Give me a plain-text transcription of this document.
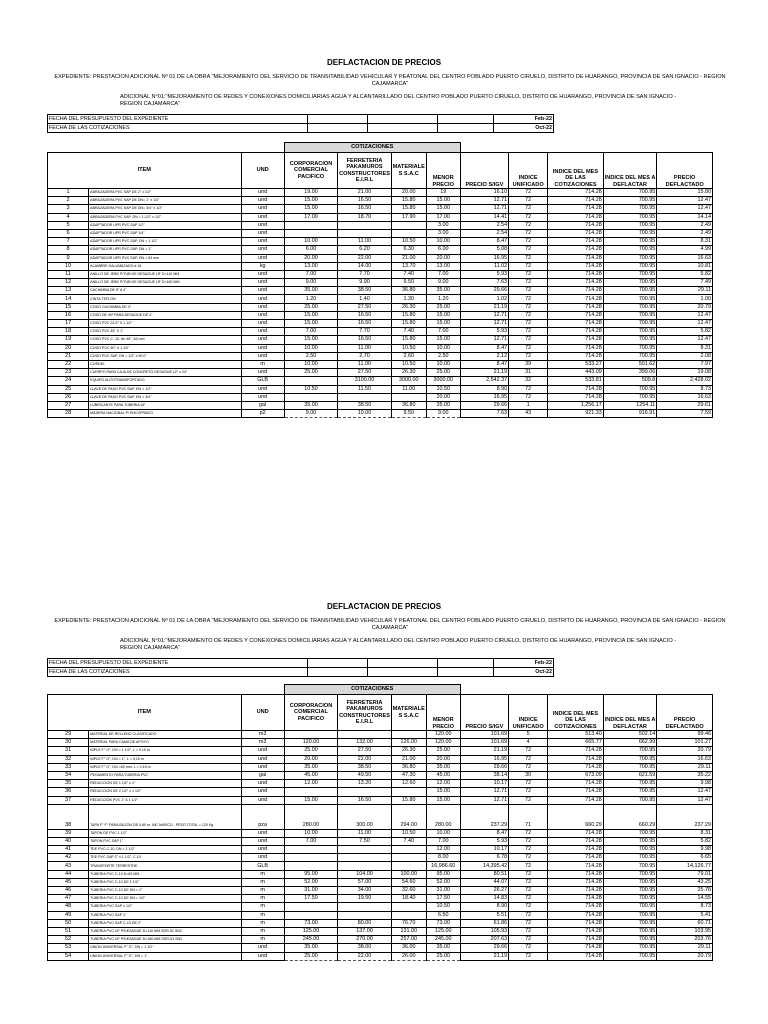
DEFLACTACION DE PRECIOS
EXPEDIENTE: PRESTACION ADICIONAL Nº 01 DE LA OBRA "MEJORAMIENTO DEL SERVICIO DE TRANSITABILIDAD VEHICULAR Y PEATONAL DEL CENTRO POBLADO PUERTO CIRUELO, DISTRITO DE HUARANGO, PROVINCIA DE SAN IGNACIO - REGION CAJAMARCA"
ADICIONAL N°01:"MEJORAMIENTO DE REDES Y CONEXIONES DOMICILIARIAS AGUA Y ALCANTARILLADO DEL CENTRO POBLADO PUERTO CIRUELO, DISTRITO DE HUARANGO, PROVINCIA DE SAN IGNACIO - REGION CAJAMARCA"
FECHA DEL PRESUPUESTO DEL EXPEDIENTE				Feb-22
FECHA DE LAS COTIZACIONES				Oct-22
			COTIZACIONES								
ITEM		UND	CORPORACION COMERCIAL PACIFICO	FERRETERIA PAKAMUROS CONSTRUCTORES E.I.R.L	MATERIALE S S.A.C	MENOR PRECIO	PRECIO S/IGV	INDICE UNIFICADO	INDICE DEL MES DE LAS COTIZACIONES	INDICE DEL MES A DEFLACTAR	PRECIO DEFLACTADO
1	ABRAZADERA PVC SAP DE 2" x 1/2"	und	19.00	21.00	20.00	19	16.10	72	714.28	700.95	15.80
2	ABRAZADERA PVC SAP DE DN= 1" x 1/2"	und	15.00	16.50	15.80	15.00	12.71	72	714.28	700.95	12.47
3	ABRAZADERA PVC SAP DE DN= 3/4" x 1/2"	und	15.00	16.50	15.80	15.00	12.71	72	714.28	700.95	12.47
4	ABRAZADERA PVC SAP, DN = 1-1/2" x 1/2"	und	17.00	18.70	17.90	17.00	14.41	72	714.28	700.95	14.14
5	ADAPTADOR UPR PVC SAP 1/2"	und				3.00	2.54	72	714.28	700.95	2.49
6	ADAPTADOR UPR PVC SAP 3/4"	und				3.00	2.54	72	714.28	700.95	2.49
7	ADAPTADOR UPR PVC SAP, DN = 1 1/2"	und	10.00	11.00	10.50	10.00	8.47	72	714.28	700.95	8.31
8	ADAPTADOR UPR PVC SAP, DN = 1"	und	6.00	6.20	6.30	6.00	5.08	72	714.28	700.95	4.99
9	ADAPTADOR UPR PVC SAP, DN = 63 mm	und	20.00	22.00	21.00	20.00	16.95	72	714.28	700.95	16.63
10	ALAMBRE GALVANIZADO # 16	kg	13.00	14.00	13.70	13.00	11.02	72	714.28	700.95	10.81
11	ANILLO DE JEBE P/TUB DE DESAGUE UF D=110 MM	und	7.00	7.70	7.40	7.00	5.93	72	714.28	700.95	5.82
12	ANILLO DE JEBE P/TUB DE DESAGUE UF D=160 MM	und	9.00	9.90	9.50	9.00	7.63	72	714.28	700.95	7.49
13	CACHIMBA DE 8" A 4"	und	35.00	38.50	36.80	35.00	29.66	72	714.28	700.95	29.11
14	CINTA TEFLON	und	1.20	1.40	1.30	1.20	1.02	72	714.28	700.95	1.00
15	CODO CACHIMBA DE 4"	und	25.00	27.50	26.30	25.00	21.19	72	714.28	700.95	20.79
16	CODO DE 90º PARA DESAGUE DE 4"	und	15.00	16.50	15.80	15.00	12.71	72	714.28	700.95	12.47
17	CODO PVC 22.5° X 1 1/2"	und	15.00	16.50	15.80	15.00	12.71	72	714.28	700.95	12.47
18	CODO PVC 45° X 1"	und	7.00	7.70	7.40	7.00	5.93	72	714.28	700.95	5.82
19	CODO PVC C -10, de 45°, 63 mm	und	15.00	16.50	15.80	15.00	12.71	72	714.28	700.95	12.47
20	CODO PVC 90° X 1 1/2"	und	10.00	11.00	10.50	10.00	8.47	72	714.28	700.95	8.31
21	CODO PVC SAP, DN = 1/2" x 90.0°	und	2.50	2.70	2.60	2.50	2.12	72	714.28	700.95	2.08
22	CORDEL	m	10.00	11.00	10.50	10.00	8.47	39	533.27	501.62	7.97
23	CUERPO PARA CAJA DE CONCRETO DESAGUE 12" x 24"	und	25.00	27.50	26.30	25.00	21.19	31	443.09	399.06	19.08
24	EQUIPO AUTOTRANSPORTADO	GLB		3100.00	3000.00	3000.00	2,542.37	32	533.81	509.8	2,428.02
25	LLAVE DE PASO PVC SAP, DN = 1/2"	und	10.50	11.50	11.00	10.50	8.90	72	714.28	700.95	8.73
26	LLAVE DE PASO PVC SAP, DN = 3/4"	und				20.00	16.95	72	714.28	700.95	16.63
27	LUBRICANTE PARA TUBERIA UF	gal	35.00	38.50	36.80	35.00	29.66	1	1,256.17	1254.11	29.61
28	MADERA NACIONAL P/ ENCOFRADO	p2	9.00	10.00	9.50	9.00	7.63	43	921.33	916.91	7.59
DEFLACTACION DE PRECIOS
EXPEDIENTE: PRESTACION ADICIONAL Nº 01 DE LA OBRA "MEJORAMIENTO DEL SERVICIO DE TRANSITABILIDAD VEHICULAR Y PEATONAL DEL CENTRO POBLADO PUERTO CIRUELO, DISTRITO DE HUARANGO, PROVINCIA DE SAN IGNACIO - REGION CAJAMARCA"
ADICIONAL N°01:"MEJORAMIENTO DE REDES Y CONEXIONES DOMICILIARIAS AGUA Y ALCANTARILLADO DEL CENTRO POBLADO PUERTO CIRUELO, DISTRITO DE HUARANGO, PROVINCIA DE SAN IGNACIO - REGION CAJAMARCA"
FECHA DEL PRESUPUESTO DEL EXPEDIENTE				Feb-22
FECHA DE LAS COTIZACIONES				Oct-22
			COTIZACIONES								
ITEM		UND	CORPORACION COMERCIAL PACIFICO	FERRETERIA PAKAMUROS CONSTRUCTORES E.I.R.L	MATERIALE S S.A.C	MENOR PRECIO	PRECIO S/IGV	INDICE UNIFICADO	INDICE DEL MES DE LAS COTIZACIONES	INDICE DEL MES A DEFLACTAR	PRECIO DEFLACTADO
29	MATERIAL DE RELLENO CLASIFICADO	m3				120.00	101.69	5	513.40	502.14	99.46
30	MATERIAL PARA CAMA DE APOYO	m3	120.00	132.00	126.00	120.00	101.69	4	665.77	662.99	101.27
31	NIPLE F° G°, DN = 1 1/2", L = 0.15 m	und	25.00	27.50	26.30	25.00	21.19	72	714.28	700.95	20.79
32	NIPLE F° G°, DN = 1", L = 0.15 m	und	20.00	22.00	21.00	20.00	16.95	72	714.28	700.95	16.63
33	NIPLE F° G°, DN =63 mm, L = 0.15 m	und	35.00	38.50	36.80	35.00	29.66	72	714.28	700.95	29.11
34	PEGAMENTO PARA TUBERIA PVC	gal	45.00	49.50	47.30	45.00	38.14	30	673.09	621.59	35.22
35	REDUCCION DE 1 1/2" x 1"	und	12.00	13.20	12.60	12.00	10.17	72	714.28	700.95	9.98
36	REDUCCION DE 2 1/2" x 1 1/2"	und				15.00	12.71	72	714.28	700.95	12.47
37	REDUCCION PVC 2" A 1 1/2"	und	15.00	16.50	15.80	15.00	12.71	72	714.28	700.95	12.47
38	TAPA F° F° PARA BUZON DE 0.60 m. INC MARCO - PESO TOTAL = 120 Kg	pza	280.00	300.00	294.00	280.00	237.29	71	660.29	660.29	237.29
39	TAPON DE PVC 1 1/2"	und	10.00	11.00	10.50	10.00	8.47	72	714.28	700.95	8.31
40	TAPON PVC SAP 1"	und	7.00	7.50	7.40	7.00	5.93	72	714.28	700.95	5.82
41	TEE PVC C-10, DN = 1 1/2"	und				12.00	10.17	72	714.28	700.95	9.98
42	TEE PVC SAP 2" x 1 1/2", C-10	und				8.00	6.78	72	714.28	700.95	6.65
43	TRANSPORTE TERRESTRE	GLB				16,986.60	14,395.42	72	714.28	700.95	14,126.77
44	TUBERIA PVC C-10 D=63 MM	m	95.00	104.00	100.00	95.00	80.51	72	714.28	700.95	79.01
45	TUBERIA PVC C-10 DE 1 1/2"	m	52.00	57.00	54.60	52.00	44.07	72	714.28	700.95	43.25
46	TUBERIA PVC C-10 DE DN = 1"	m	31.00	34.00	32.60	31.00	26.27	72	714.28	700.95	25.78
47	TUBERIA PVC C-10 DE DN = 1/2"	m	17.50	19.50	18.40	17.50	14.83	72	714.28	700.95	14.55
48	TUBERIA PVC SAP 1 1/2"	m				10.50	8.90	72	714.28	700.95	8.73
49	TUBERIA PVC SAP 1"	m				6.50	5.51	72	714.28	700.95	5.41
50	TUBERIA PVC SAP C-10 DE 2"	m	73.00	80.00	76.70	73.00	61.86	72	714.28	700.95	60.71
51	TUBERIA PVC UF P/DESAGUE D=110 MM SDR-51 SN2	m	125.00	137.00	131.00	125.00	105.93	72	714.28	700.95	103.95
52	TUBERIA PVC UF P/DESAGUE D=160 MM SDR-51 SN2	m	245.00	270.00	257.00	245.00	207.63	72	714.28	700.95	203.76
53	UNION UNIVERSAL F° G°, DN = 1 1/2"	und	35.00	38.00	36.00	35.00	29.66	72	714.28	700.95	29.11
54	UNION UNIVERSAL F° G°, DN = 1"	und	25.00	22.00	26.00	25.00	21.19	72	714.28	700.95	20.79
